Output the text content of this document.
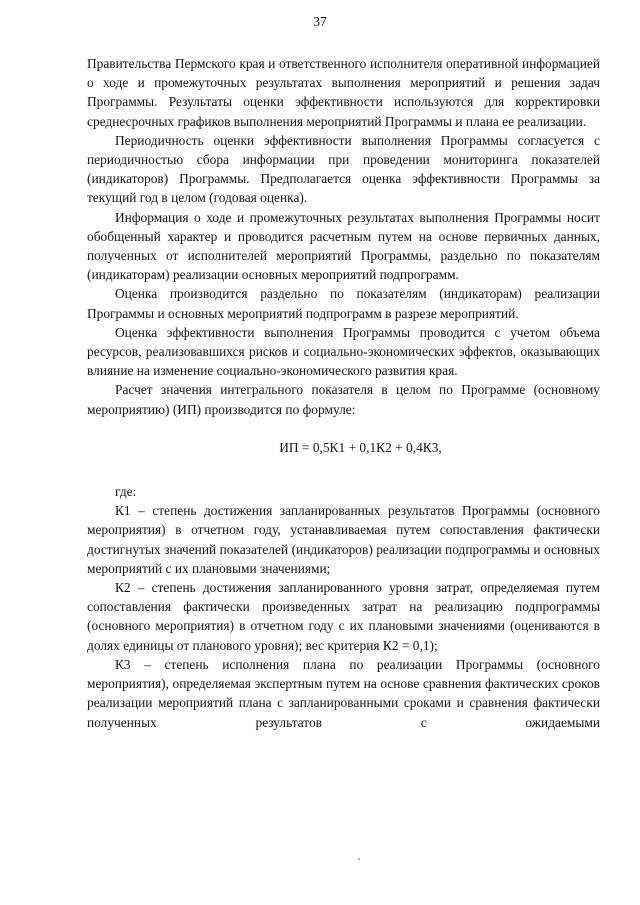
37

Правительства Пермского края и ответственного исполнителя оперативной информацией о ходе и промежуточных результатах выполнения мероприятий и решения задач Программы. Результаты оценки эффективности используются для корректировки среднесрочных графиков выполнения мероприятий Программы и плана ее реализации.

Периодичность оценки эффективности выполнения Программы согласуется с периодичностью сбора информации при проведении мониторинга показателей (индикаторов) Программы. Предполагается оценка эффективности Программы за текущий год в целом (годовая оценка).

Информация о ходе и промежуточных результатах выполнения Программы носит обобщенный характер и проводится расчетным путем на основе первичных данных, полученных от исполнителей мероприятий Программы, раздельно по показателям (индикаторам) реализации основных мероприятий подпрограмм.

Оценка производится раздельно по показателям (индикаторам) реализации Программы и основных мероприятий подпрограмм в разрезе мероприятий.

Оценка эффективности выполнения Программы проводится с учетом объема ресурсов, реализовавшихся рисков и социально-экономических эффектов, оказывающих влияние на изменение социально-экономического развития края.

Расчет значения интегрального показателя в целом по Программе (основному мероприятию) (ИП) производится по формуле:

ИП = 0,5К1 + 0,1К2 + 0,4К3,

где:

К1 – степень достижения запланированных результатов Программы (основного мероприятия) в отчетном году, устанавливаемая путем сопоставления фактически достигнутых значений показателей (индикаторов) реализации подпрограммы и основных мероприятий с их плановыми значениями;

К2 – степень достижения запланированного уровня затрат, определяемая путем сопоставления фактически произведенных затрат на реализацию подпрограммы (основного мероприятия) в отчетном году с их плановыми значениями (оцениваются в долях единицы от планового уровня); вес критерия К2 = 0,1);

К3 – степень исполнения плана по реализации Программы (основного мероприятия), определяемая экспертным путем на основе сравнения фактических сроков реализации мероприятий плана с запланированными сроками и сравнения фактически полученных результатов с ожидаемыми
